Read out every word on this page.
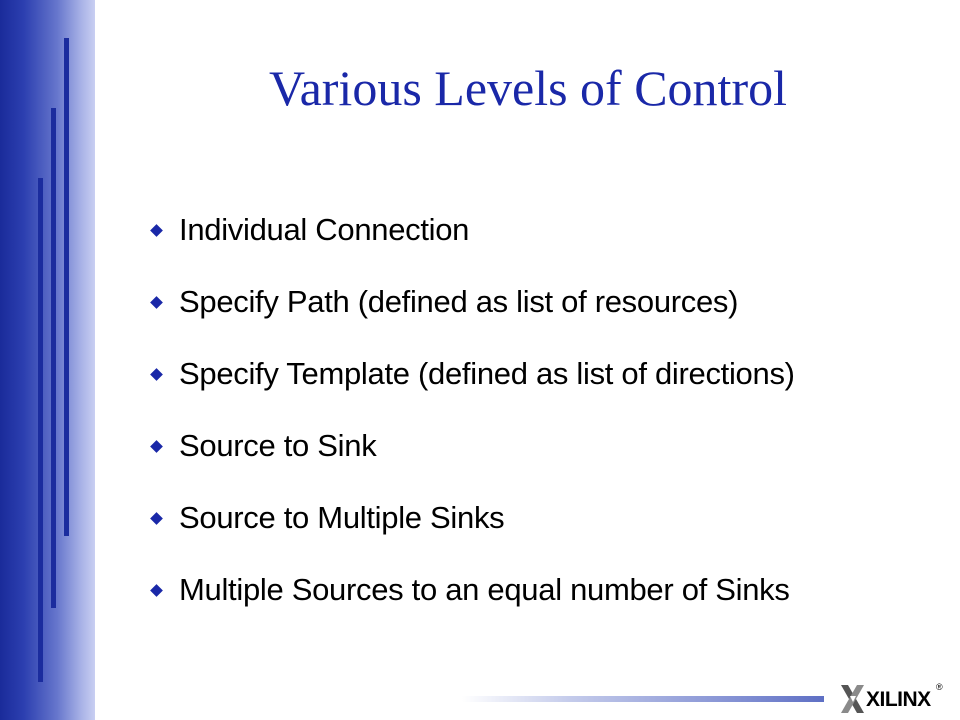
Various Levels of Control
Individual Connection
Specify Path (defined as list of resources)
Specify Template (defined as list of directions)
Source to Sink
Source to Multiple Sinks
Multiple Sources to an equal number of Sinks
XILINX
®
